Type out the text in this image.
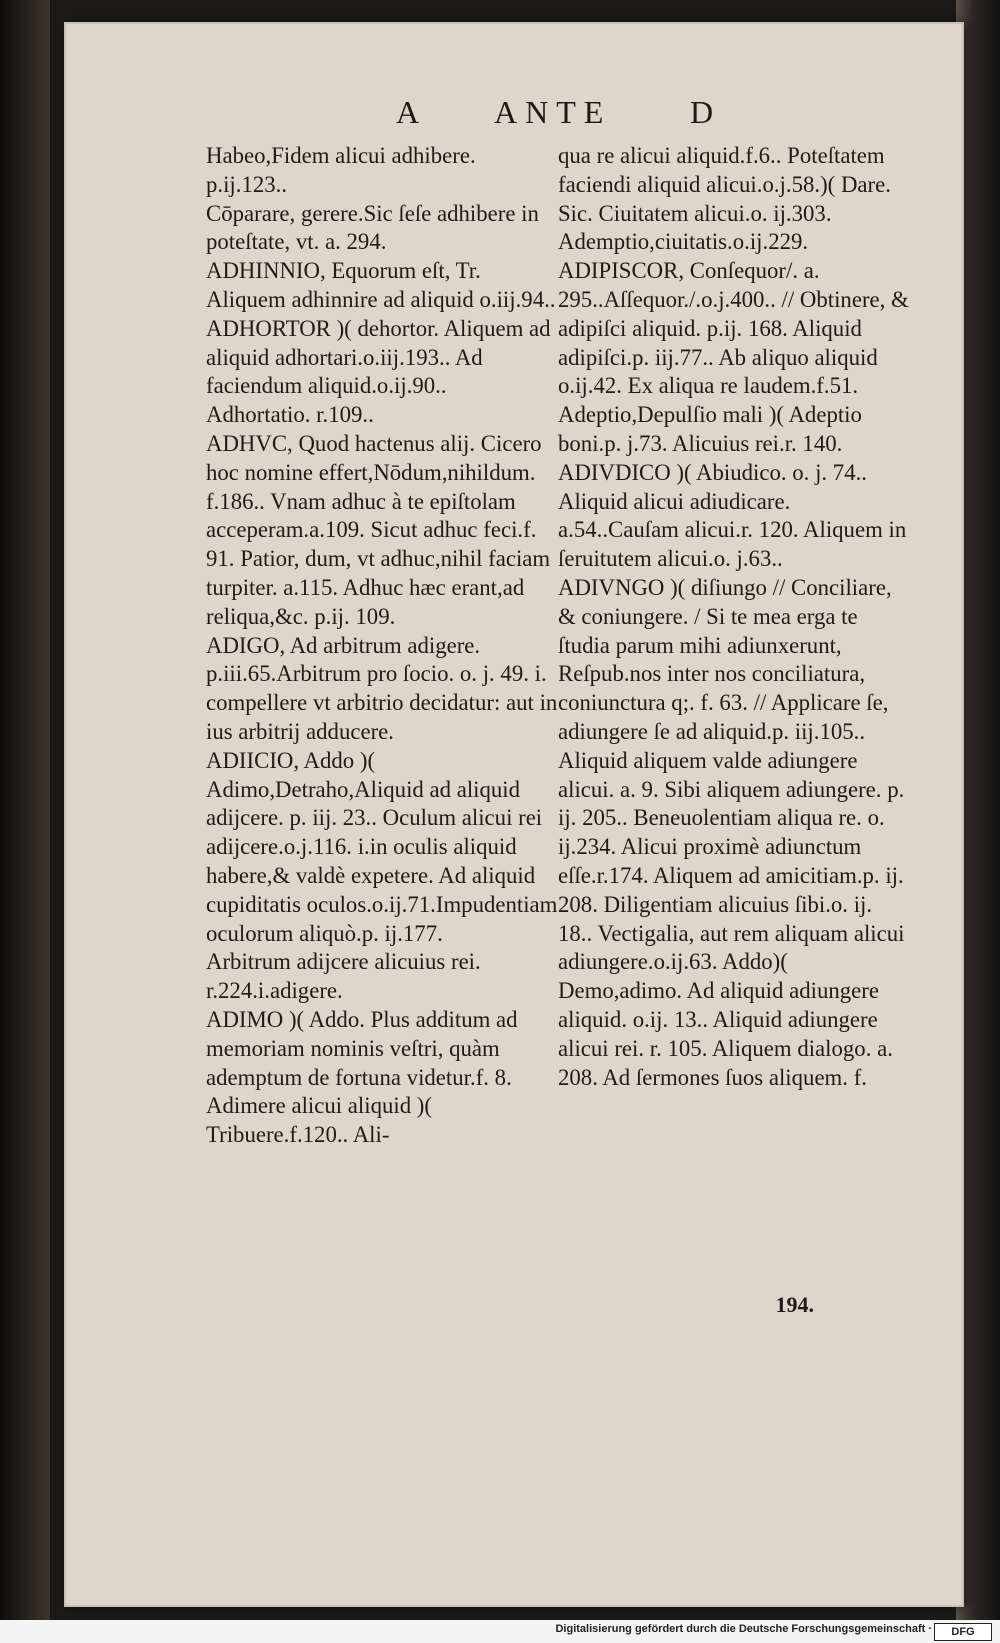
A ANTE D

Habeo,Fidem alicui adhibere. p.ij.123..

Cōparare, gerere.Sic ſeſe adhibere in poteſtate, vt. a. 294.

ADHINNIO, Equorum eſt, Tr. Aliquem adhinnire ad aliquid o.iij.94..

ADHORTOR )( dehortor. Aliquem ad aliquid adhortari.o.iij.193.. Ad faciendum aliquid.o.ij.90..

Adhortatio. r.109..

ADHVC, Quod hactenus alij. Cicero hoc nomine effert,Nōdum,nihildum. f.186.. Vnam adhuc à te epiſtolam acceperam.a.109. Sicut adhuc feci.f. 91. Patior, dum, vt adhuc,nihil faciam turpiter. a.115. Adhuc hæc erant,ad reliqua,&c. p.ij. 109.

ADIGO, Ad arbitrum adigere. p.iii.65.Arbitrum pro ſocio. o. j. 49. i. compellere vt arbitrio decidatur: aut in ius arbitrij adducere.

ADIICIO, Addo )( Adimo,Detraho,Aliquid ad aliquid adijcere. p. iij. 23.. Oculum alicui rei adijcere.o.j.116. i.in oculis aliquid habere,& valdè expetere. Ad aliquid cupiditatis oculos.o.ij.71.Impudentiam oculorum aliquò.p. ij.177.

Arbitrum adijcere alicuius rei. r.224.i.adigere.

ADIMO )( Addo. Plus additum ad memoriam nominis veſtri, quàm ademptum de fortuna videtur.f. 8. Adimere alicui aliquid )( Tribuere.f.120.. Ali-

qua re alicui aliquid.f.6.. Poteſtatem faciendi aliquid alicui.o.j.58.)( Dare. Sic. Ciuitatem alicui.o. ij.303.

Ademptio,ciuitatis.o.ij.229.

ADIPISCOR, Conſequor/. a. 295..Aſſequor./.o.j.400.. // Obtinere, & adipiſci aliquid. p.ij. 168. Aliquid adipiſci.p. iij.77.. Ab aliquo aliquid o.ij.42. Ex aliqua re laudem.f.51.

Adeptio,Depulſio mali )( Adeptio boni.p. j.73. Alicuius rei.r. 140.

ADIVDICO )( Abiudico. o. j. 74.. Aliquid alicui adiudicare. a.54..Cauſam alicui.r. 120. Aliquem in ſeruitutem alicui.o. j.63..

ADIVNGO )( diſiungo // Conciliare, & coniungere. / Si te mea erga te ſtudia parum mihi adiunxerunt, Reſpub.nos inter nos conciliatura, coniunctura q;. f. 63. // Applicare ſe, adiungere ſe ad aliquid.p. iij.105.. Aliquid aliquem valde adiungere alicui. a. 9. Sibi aliquem adiungere. p. ij. 205.. Beneuolentiam aliqua re. o. ij.234. Alicui proximè adiunctum eſſe.r.174. Aliquem ad amicitiam.p. ij. 208. Diligentiam alicuius ſibi.o. ij. 18.. Vectigalia, aut rem aliquam alicui adiungere.o.ij.63. Addo)( Demo,adimo. Ad aliquid adiungere aliquid. o.ij. 13.. Aliquid adiungere alicui rei. r. 105. Aliquem dialogo. a. 208. Ad ſermones ſuos aliquem. f.

194.
Digitalisierung gefördert durch die Deutsche Forschungsgemeinschaft ·	DFG
